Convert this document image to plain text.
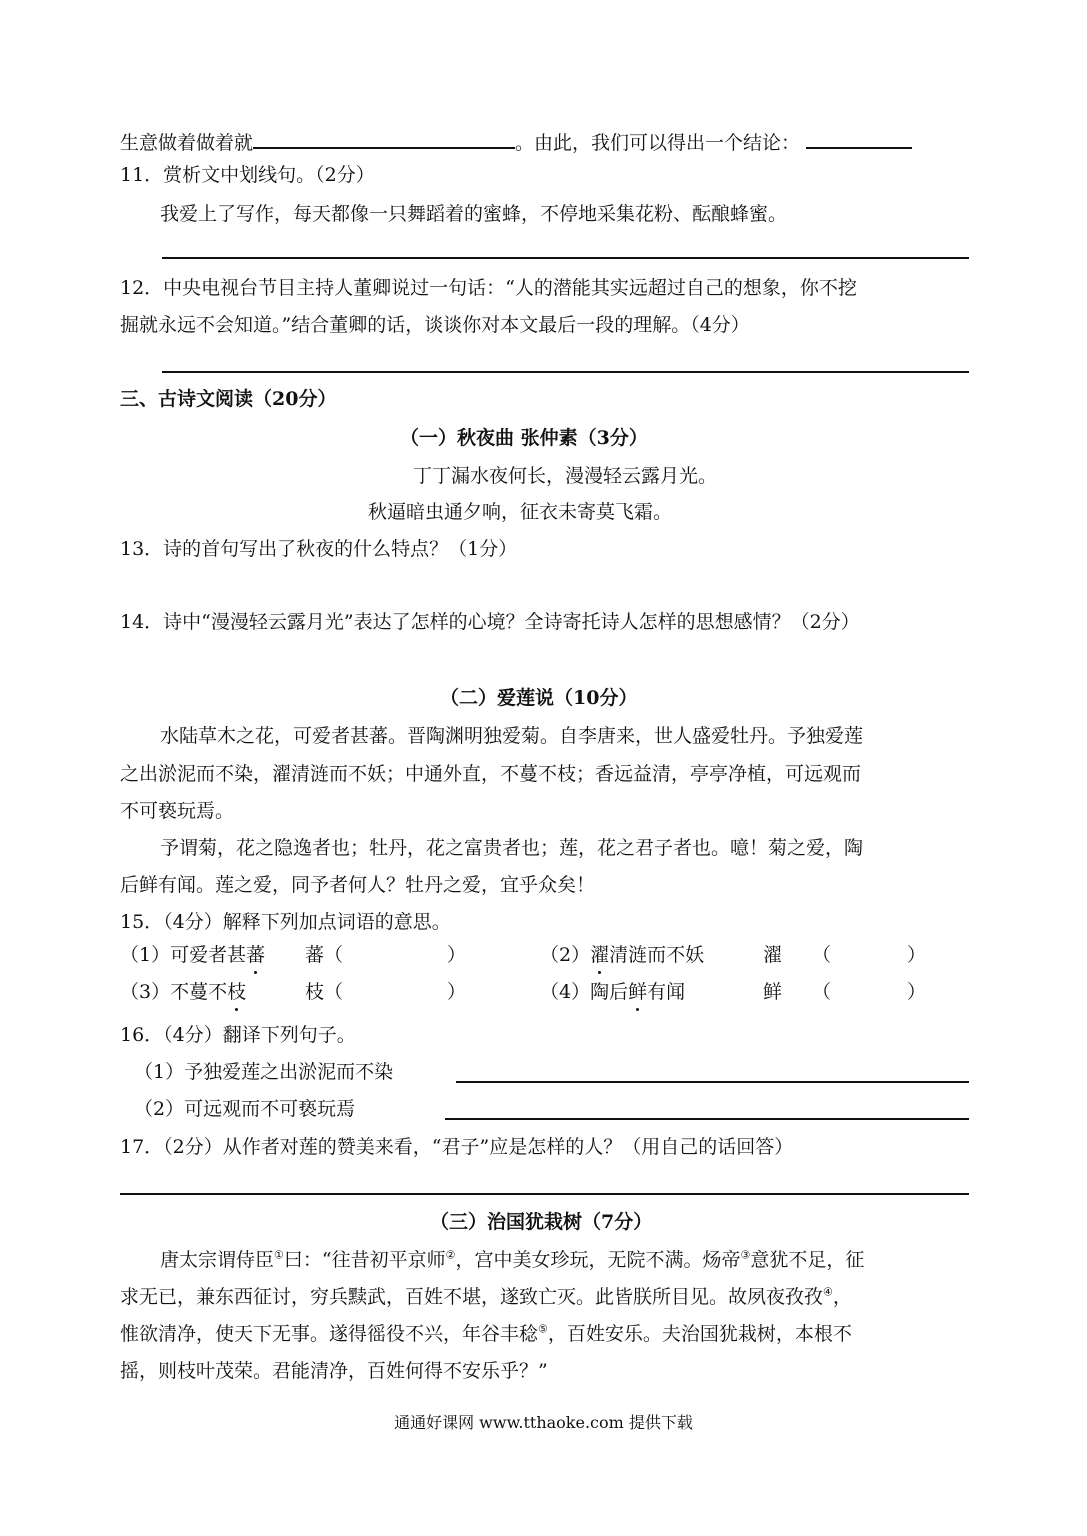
生意做着做着就	。由此，我们可以得出一个结论：
11．赏析文中划线句。（2分）
我爱上了写作，每天都像一只舞蹈着的蜜蜂，不停地采集花粉、酝酿蜂蜜。
12．中央电视台节目主持人董卿说过一句话：“人的潜能其实远超过自己的想象，你不挖
掘就永远不会知道。”结合董卿的话，谈谈你对本文最后一段的理解。（4分）
三、古诗文阅读（20分）
（一）秋夜曲 张仲素（3分）
丁丁漏水夜何长，漫漫轻云露月光。
秋逼暗虫通夕响，征衣未寄莫飞霜。
13．诗的首句写出了秋夜的什么特点？（1分）
14．诗中“漫漫轻云露月光”表达了怎样的心境？全诗寄托诗人怎样的思想感情？（2分）
（二）爱莲说（10分）
水陆草木之花，可爱者甚蕃。晋陶渊明独爱菊。自李唐来，世人盛爱牡丹。予独爱莲
之出淤泥而不染，濯清涟而不妖；中通外直，不蔓不枝；香远益清，亭亭净植，可远观而
不可亵玩焉。
予谓菊，花之隐逸者也；牡丹，花之富贵者也；莲，花之君子者也。噫！菊之爱，陶
后鲜有闻。莲之爱，同予者何人？牡丹之爱，宜乎众矣！
15．（4分）解释下列加点词语的意思。
（1）可爱者甚蕃 蕃（	）	（2）濯清涟而不妖	濯 （	）
（3）不蔓不枝	枝（	）	（4）陶后鲜有闻	鲜 （	）
16．（4分）翻译下列句子。
（1）予独爱莲之出淤泥而不染
（2）可远观而不可亵玩焉
17．（2分）从作者对莲的赞美来看，“君子”应是怎样的人？（用自己的话回答）
（三）治国犹栽树（7分）
唐太宗谓侍臣①曰：“往昔初平京师②，宫中美女珍玩，无院不满。炀帝③意犹不足，征
求无已，兼东西征讨，穷兵黩武，百姓不堪，遂致亡灭。此皆朕所目见。故夙夜孜孜④，
惟欲清净，使天下无事。遂得徭役不兴，年谷丰稔⑤，百姓安乐。夫治国犹栽树，本根不
摇，则枝叶茂荣。君能清净，百姓何得不安乐乎？”
通通好课网 www.tthaoke.com 提供下载
